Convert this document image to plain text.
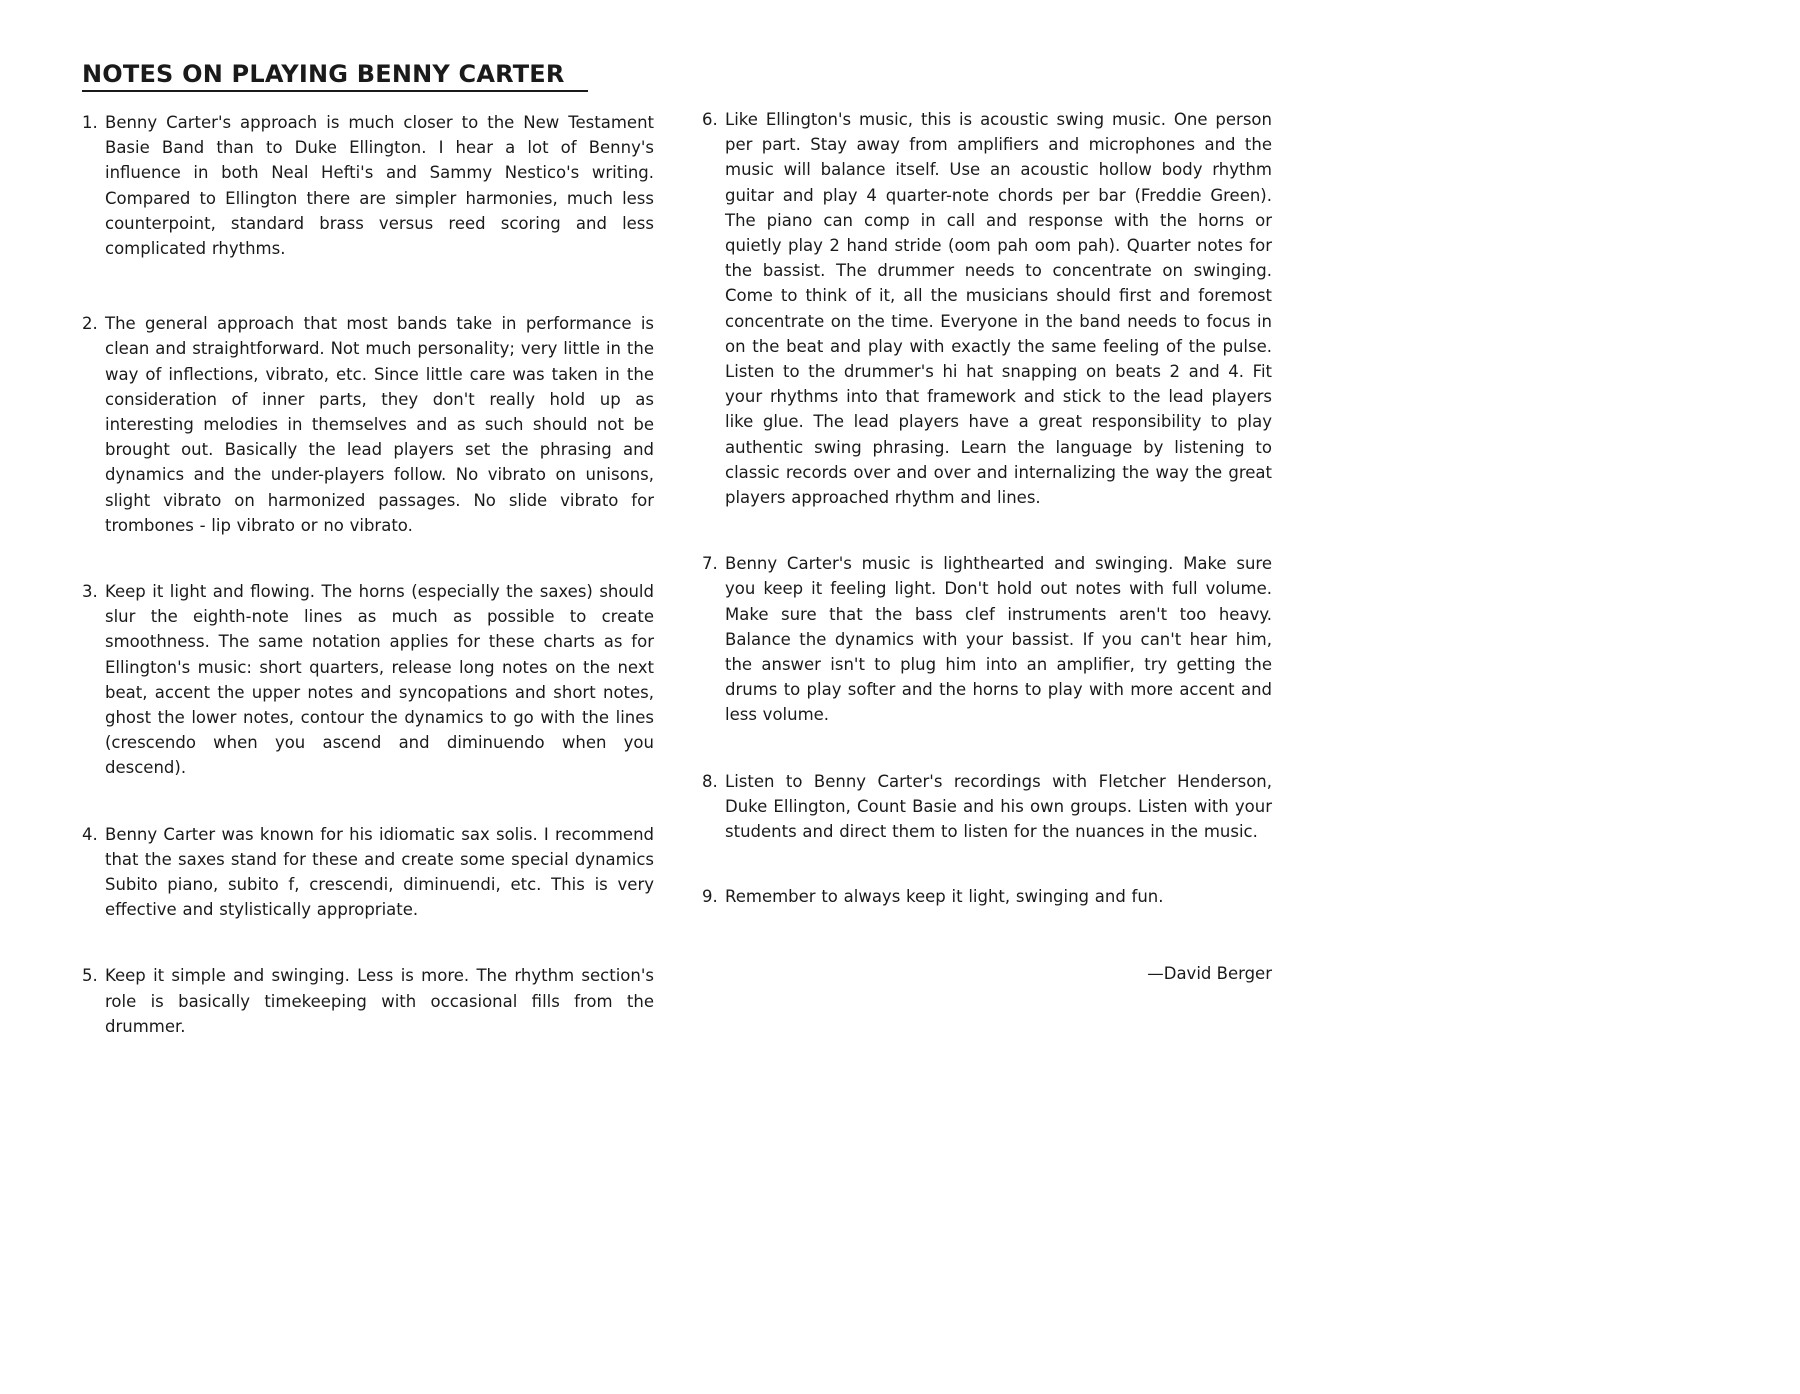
NOTES ON PLAYING BENNY CARTER
1. Benny Carter's approach is much closer to the New Testament Basie Band than to Duke Ellington. I hear a lot of Benny's influence in both Neal Hefti's and Sammy Nestico's writing. Compared to Ellington there are simpler harmonies, much less counterpoint, standard brass versus reed scoring and less complicated rhythms.
2. The general approach that most bands take in performance is clean and straightforward. Not much personality; very little in the way of inflections, vibrato, etc. Since little care was taken in the consideration of inner parts, they don't really hold up as interesting melodies in themselves and as such should not be brought out. Basically the lead players set the phrasing and dynamics and the under-players follow. No vibrato on unisons, slight vibrato on harmonized passages. No slide vibrato for trombones - lip vibrato or no vibrato.
3. Keep it light and flowing. The horns (especially the saxes) should slur the eighth-note lines as much as possible to create smoothness. The same notation applies for these charts as for Ellington's music: short quarters, release long notes on the next beat, accent the upper notes and syncopations and short notes, ghost the lower notes, contour the dynamics to go with the lines (crescendo when you ascend and diminuendo when you descend).
4. Benny Carter was known for his idiomatic sax solis. I recommend that the saxes stand for these and create some special dynamics Subito piano, subito f, crescendi, diminuendi, etc. This is very effective and stylistically appropriate.
5. Keep it simple and swinging. Less is more. The rhythm section's role is basically timekeeping with occasional fills from the drummer.
6. Like Ellington's music, this is acoustic swing music. One person per part. Stay away from amplifiers and microphones and the music will balance itself. Use an acoustic hollow body rhythm guitar and play 4 quarter-note chords per bar (Freddie Green). The piano can comp in call and response with the horns or quietly play 2 hand stride (oom pah oom pah). Quarter notes for the bassist. The drummer needs to concentrate on swinging. Come to think of it, all the musicians should first and foremost concentrate on the time. Everyone in the band needs to focus in on the beat and play with exactly the same feeling of the pulse. Listen to the drummer's hi hat snapping on beats 2 and 4. Fit your rhythms into that framework and stick to the lead players like glue. The lead players have a great responsibility to play authentic swing phrasing. Learn the language by listening to classic records over and over and internalizing the way the great players approached rhythm and lines.
7. Benny Carter's music is lighthearted and swinging. Make sure you keep it feeling light. Don't hold out notes with full volume. Make sure that the bass clef instruments aren't too heavy. Balance the dynamics with your bassist. If you can't hear him, the answer isn't to plug him into an amplifier, try getting the drums to play softer and the horns to play with more accent and less volume.
8. Listen to Benny Carter's recordings with Fletcher Henderson, Duke Ellington, Count Basie and his own groups. Listen with your students and direct them to listen for the nuances in the music.
9. Remember to always keep it light, swinging and fun.
—David Berger
